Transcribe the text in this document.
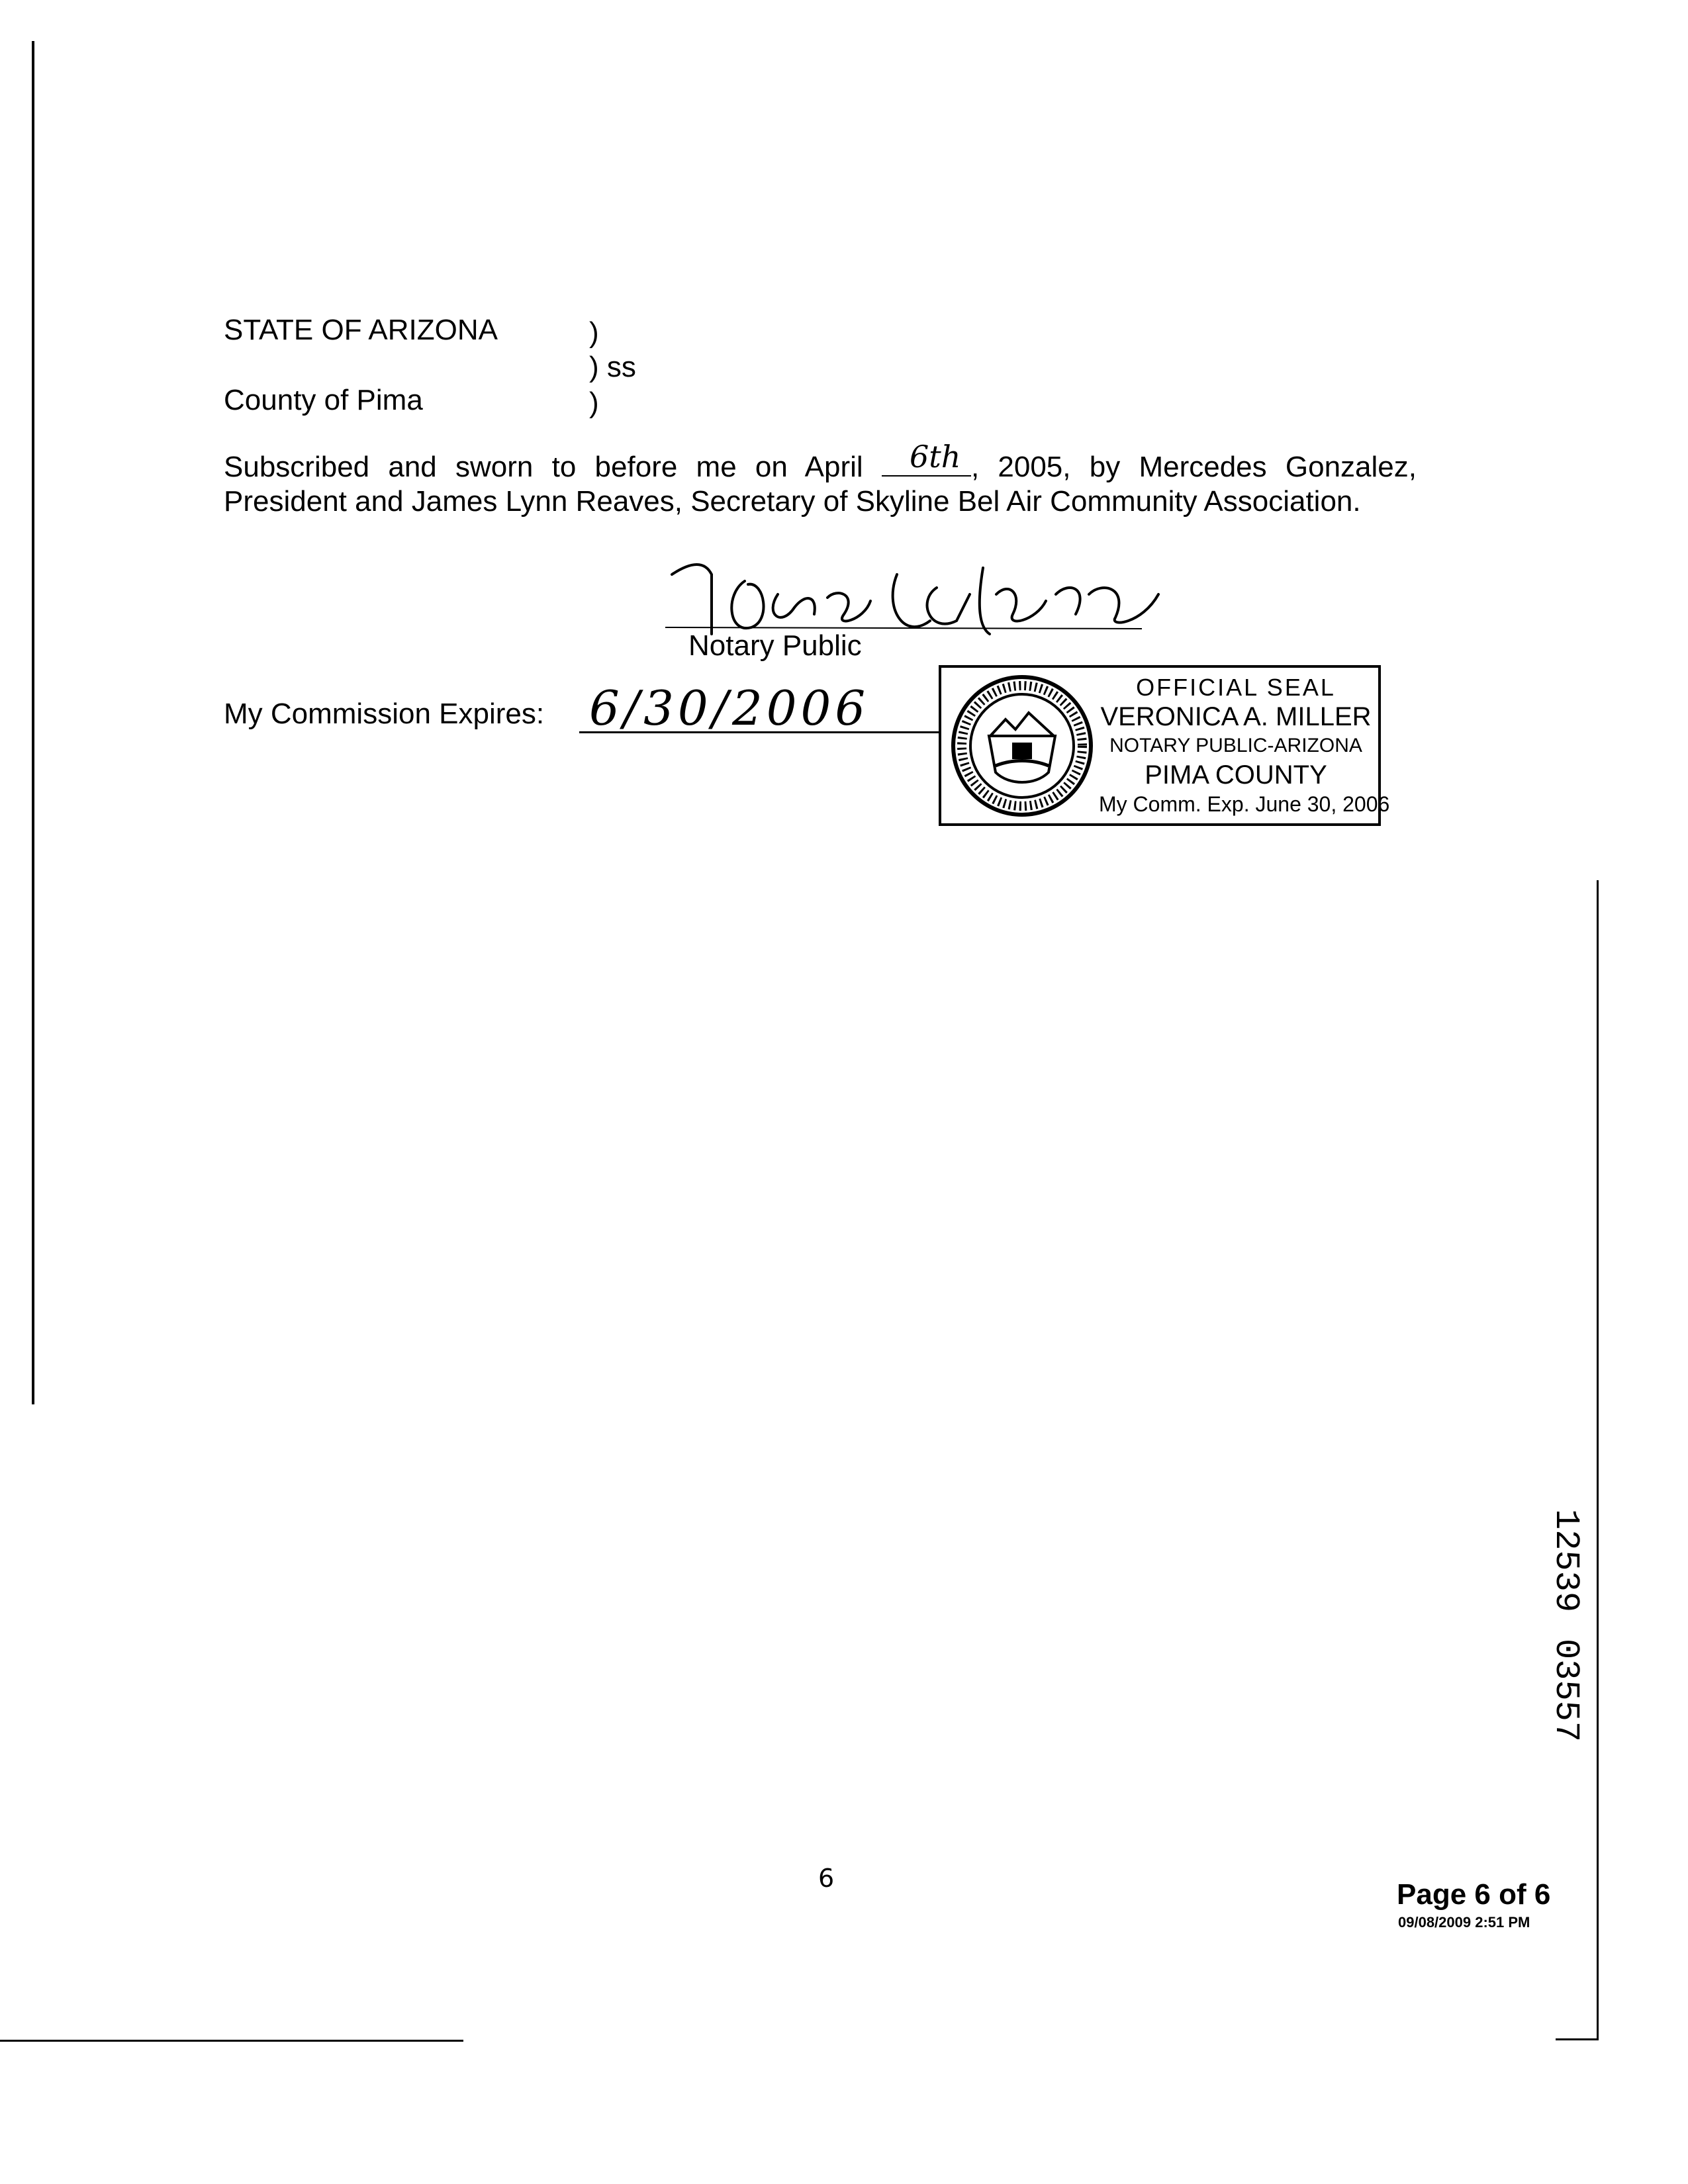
STATE OF ARIZONA
County of Pima
)
) ss
)
Subscribed and sworn to before me on April 6th , 2005, by Mercedes Gonzalez, President and James Lynn Reaves, Secretary of Skyline Bel Air Community Association.
Notary Public
My Commission Expires: 6/30/2006	OFFICIAL SEAL
VERONICA A. MILLER
NOTARY PUBLIC-ARIZONA
PIMA COUNTY
My Comm. Exp. June 30, 2006
1253903557
6	Page 6 of 6
09/08/2009 2:51 PM
